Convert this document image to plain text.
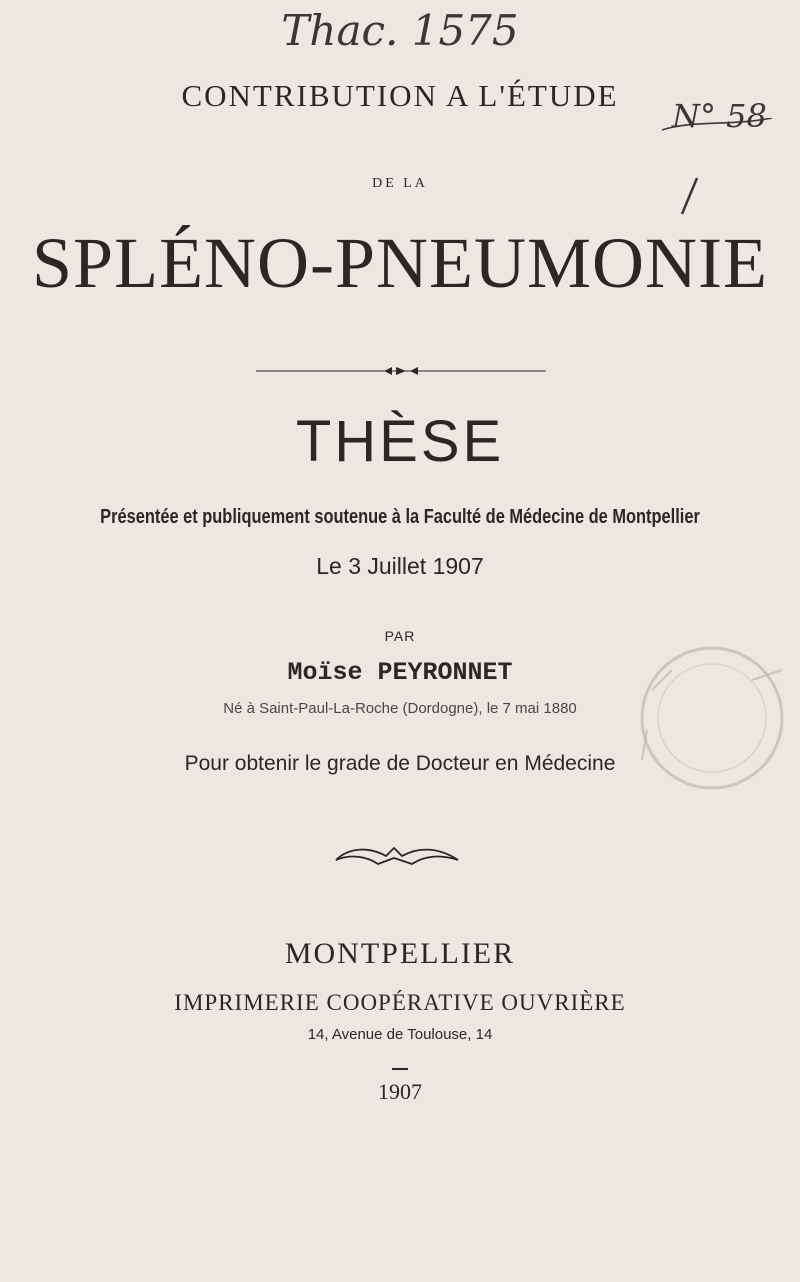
Thac. 1575
CONTRIBUTION A L'ÉTUDE
N° 58
DE LA
SPLÉNO-PNEUMONIE
THÈSE
Présentée et publiquement soutenue à la Faculté de Médecine de Montpellier
Le 3 Juillet 1907
PAR
Moïse PEYRONNET
Né à Saint-Paul-La-Roche (Dordogne), le 7 mai 1880
Pour obtenir le grade de Docteur en Médecine
MONTPELLIER
IMPRIMERIE COOPÉRATIVE OUVRIÈRE
14, Avenue de Toulouse, 14
1907
